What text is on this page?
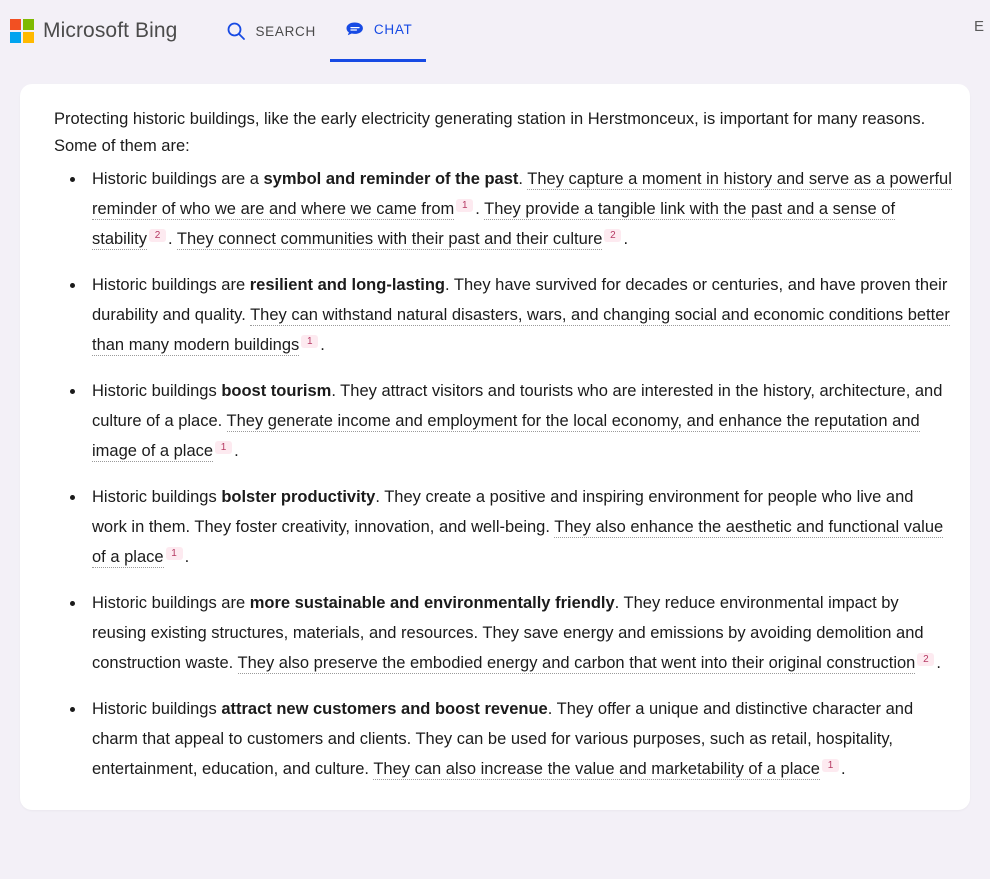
Microsoft Bing	SEARCH	CHAT	E

Protecting historic buildings, like the early electricity generating station in Herstmonceux, is important for many reasons. Some of them are:

• Historic buildings are a symbol and reminder of the past. They capture a moment in history and serve as a powerful reminder of who we are and where we came from $^1$ . They provide a tangible link with the past and a sense of stability $^2$ . They connect communities with their past and their culture $^2$ .
• Historic buildings are resilient and long-lasting. They have survived for decades or centuries, and have proven their durability and quality. They can withstand natural disasters, wars, and changing social and economic conditions better than many modern buildings $^1$ .
• Historic buildings boost tourism. They attract visitors and tourists who are interested in the history, architecture, and culture of a place. They generate income and employment for the local economy, and enhance the reputation and image of a place $^1$ .
• Historic buildings bolster productivity. They create a positive and inspiring environment for people who live and work in them. They foster creativity, innovation, and well-being. They also enhance the aesthetic and functional value of a place $^1$ .
• Historic buildings are more sustainable and environmentally friendly. They reduce environmental impact by reusing existing structures, materials, and resources. They save energy and emissions by avoiding demolition and construction waste. They also preserve the embodied energy and carbon that went into their original construction $^2$ .
• Historic buildings attract new customers and boost revenue. They offer a unique and distinctive character and charm that appeal to customers and clients. They can be used for various purposes, such as retail, hospitality, entertainment, education, and culture. They can also increase the value and marketability of a place $^1$ .
